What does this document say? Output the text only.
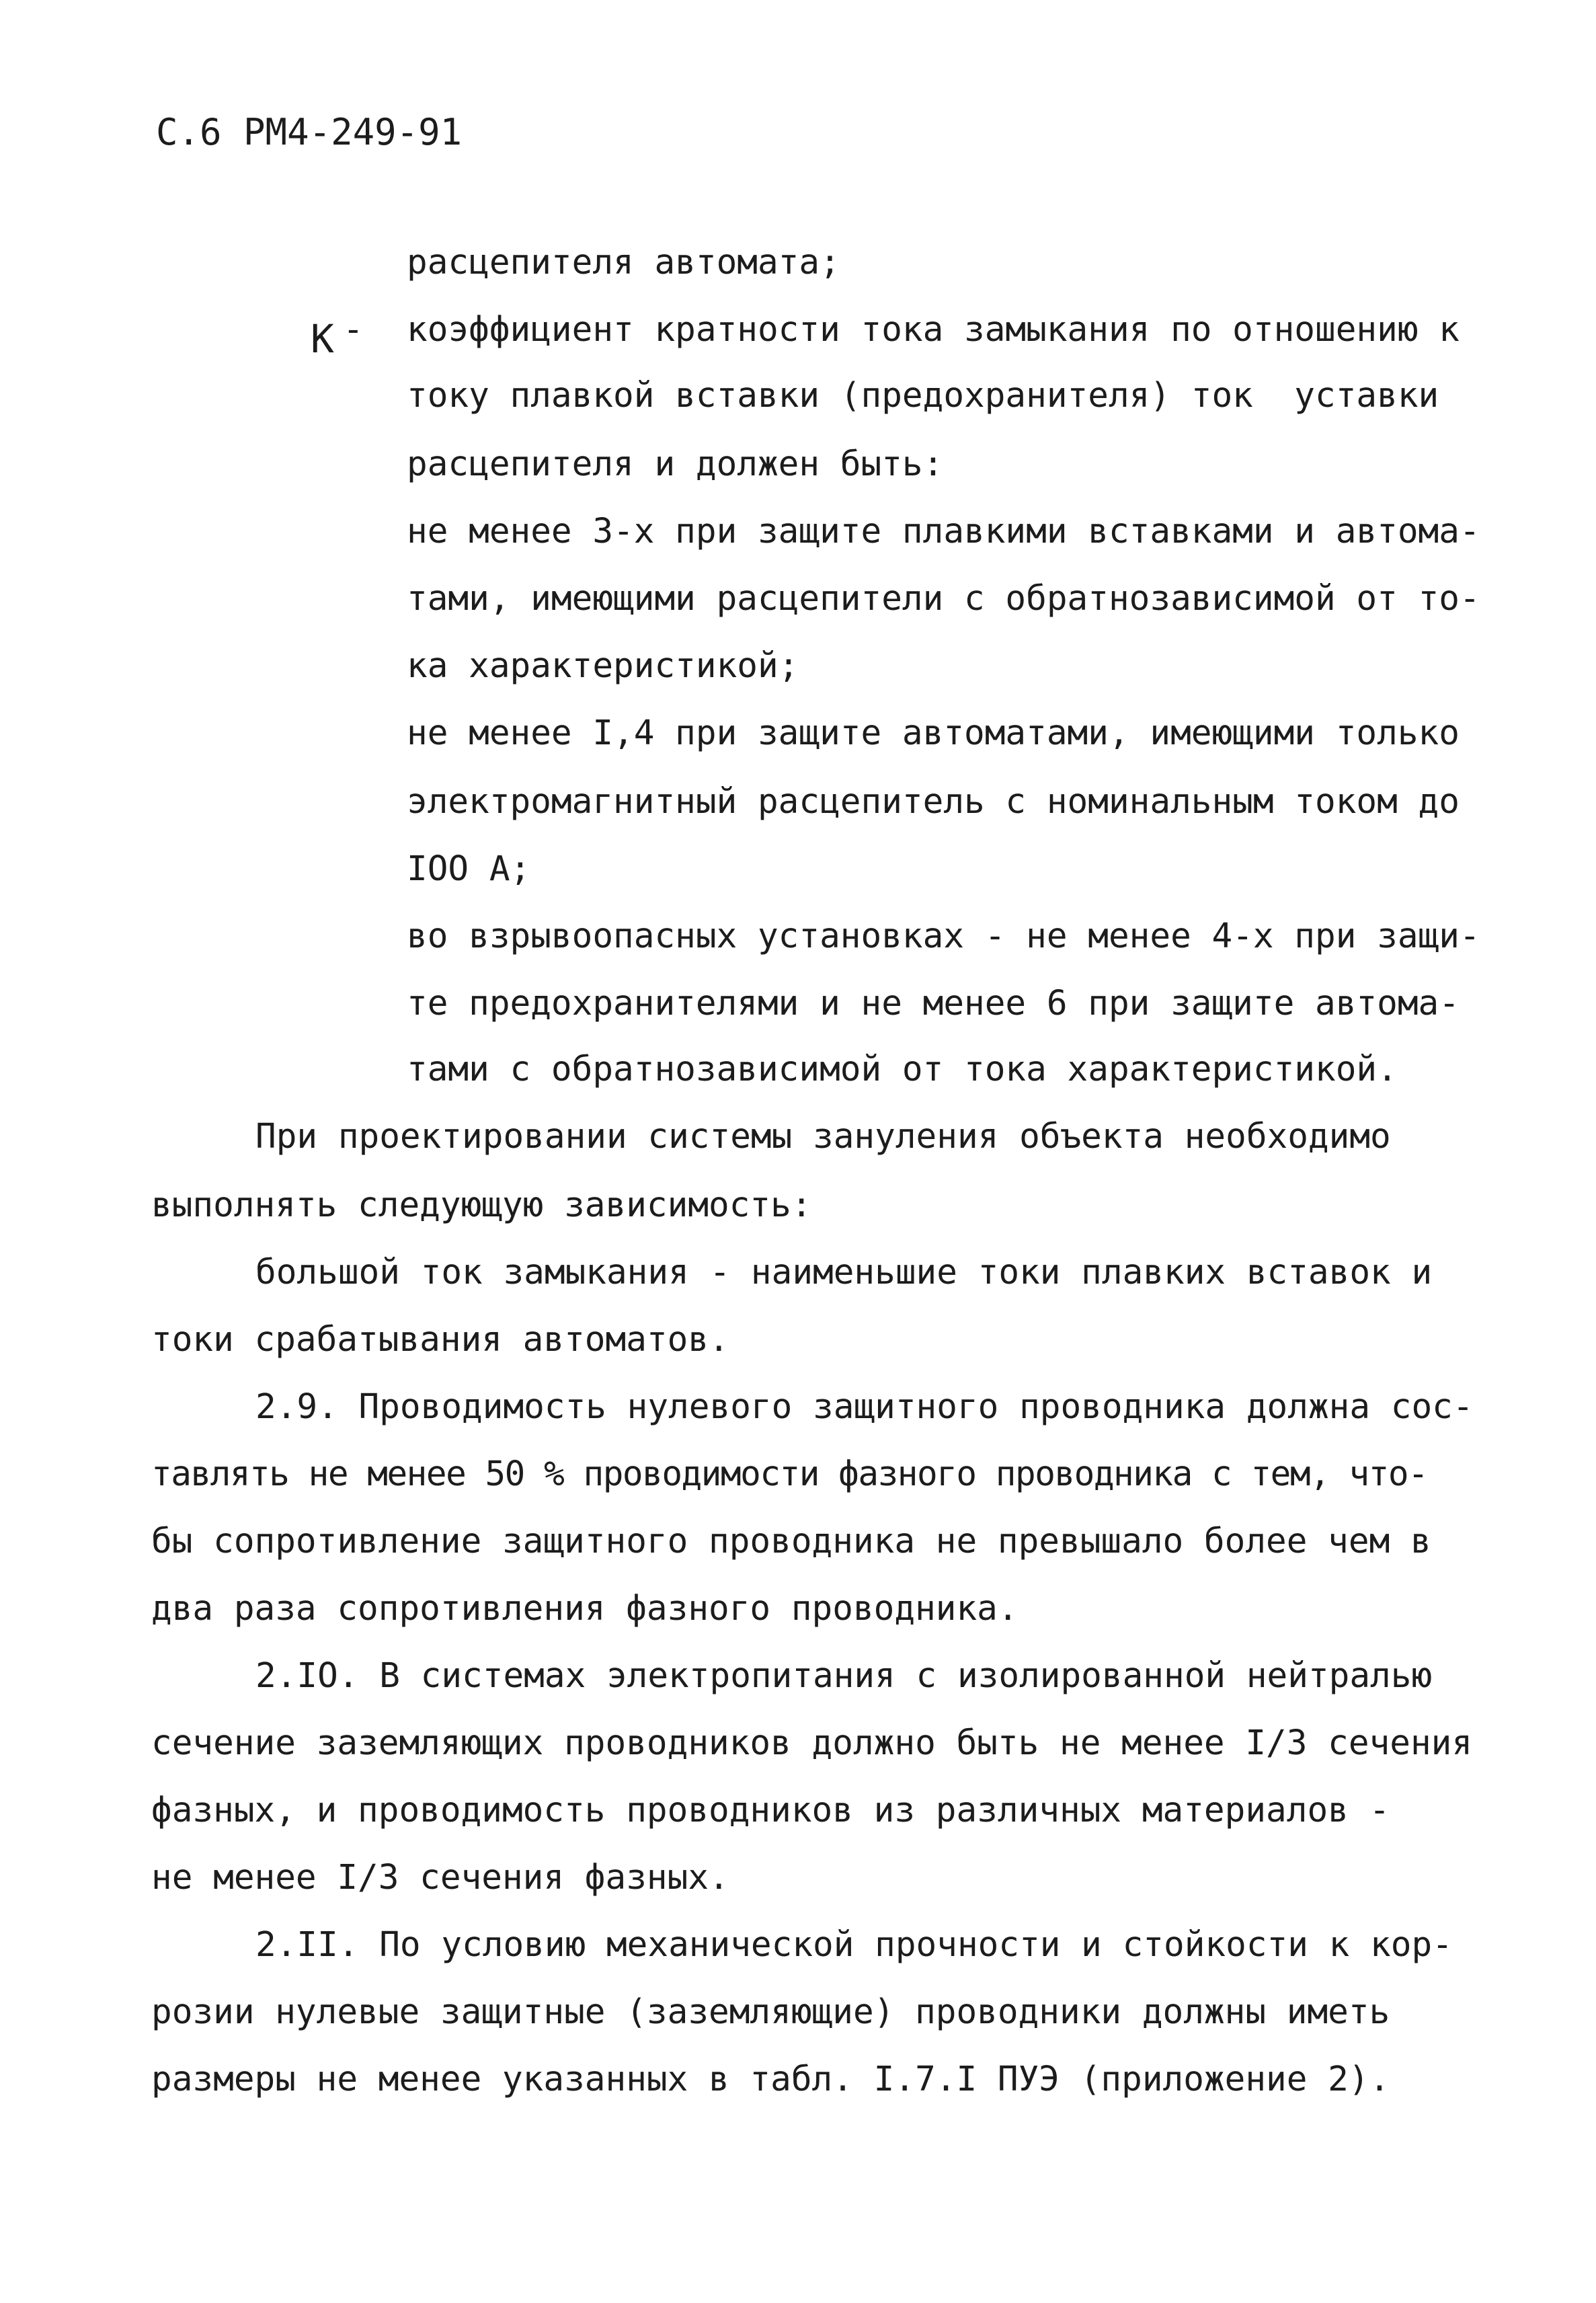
С.6 РМ4-249-91
расцепителя автомата;
К - коэффициент кратности тока замыкания по отношению к
току плавкой вставки (предохранителя) ток  уставки
расцепителя и должен быть:
не менее 3-х при защите плавкими вставками и автома-
тами, имеющими расцепители с обратнозависимой от то-
ка характеристикой;
не менее I,4 при защите автоматами, имеющими только
электромагнитный расцепитель с номинальным током до
IOO А;
во взрывоопасных установках - не менее 4-х при защи-
те предохранителями и не менее 6 при защите автома-
тами с обратнозависимой от тока характеристикой.
При проектировании системы зануления объекта необходимо
выполнять следующую зависимость:
большой ток замыкания - наименьшие токи плавких вставок и
токи срабатывания автоматов.
2.9. Проводимость нулевого защитного проводника должна сос-
тавлять не менее 50 % проводимости фазного проводника с тем, что-
бы сопротивление защитного проводника не превышало более чем в
два раза сопротивления фазного проводника.
2.IO. В системах электропитания с изолированной нейтралью
сечение заземляющих проводников должно быть не менее I/3 сечения
фазных, и проводимость проводников из различных материалов -
не менее I/3 сечения фазных.
2.II. По условию механической прочности и стойкости к кор-
розии нулевые защитные (заземляющие) проводники должны иметь
размеры не менее указанных в табл. I.7.I ПУЭ (приложение 2).
